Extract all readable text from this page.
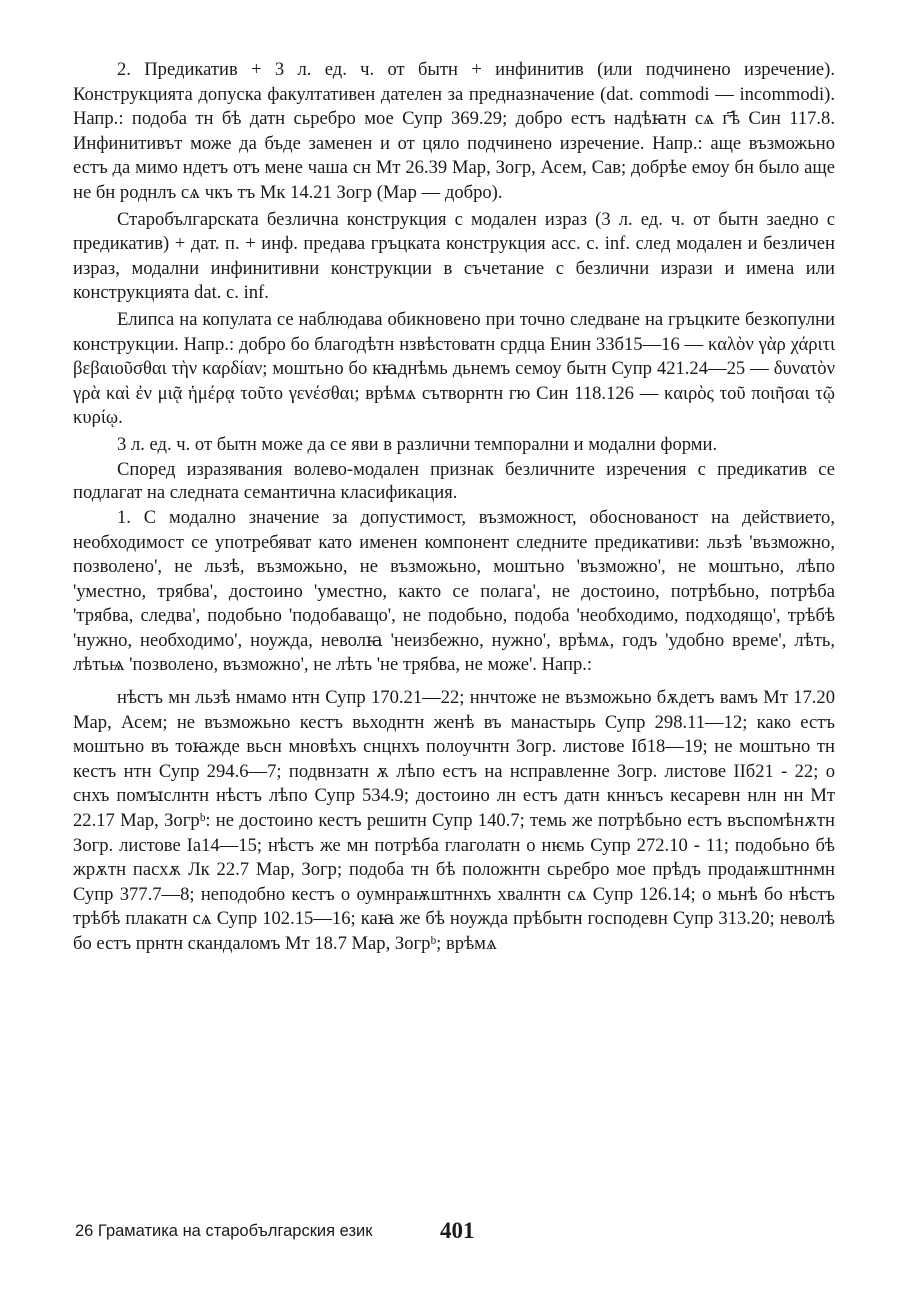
2. Предикатив + 3 л. ед. ч. от бытн + инфинитив (или подчинено изречение). Конструкцията допуска факултативен дателен за предназначение (dat. commodi — incommodi). Напр.: подоба тн бѣ датн сьребро мое Супр 369.29; добро естъ надѣꙗтн сѧ г҃ѣ Син 117.8. Инфинитивът може да бъде заменен и от цяло подчинено изречение. Напр.: аще възможьно естъ да мимо ндетъ отъ мене чаша сн Мт 26.39 Мар, Зогр, Асем, Сав; добрѣе емоу бн было аще не бн роднлъ сѧ чкъ тъ Мк 14.21 Зогр (Мар — добро).

Старобългарската безлична конструкция с модален израз (3 л. ед. ч. от бытн заедно с предикатив) + дат. п. + инф. предава гръцката конструкция acc. c. inf. след модален и безличен израз, модални инфинитивни конструкции в съчетание с безлични изрази и имена или конструкцията dat. c. inf.

Елипса на копулата се наблюдава обикновено при точно следване на гръцките безкопулни конструкции. Напр.: добро бо благодѣтн нзвѣстоватн срдца Енин 33б15—16 — καλὸν γὰρ χάριτι βεβαιοῦσθαι τὴν καρδίαν; моштьно бо кꙗднѣмь дьнемъ семоу бытн Супр 421.24—25 — δυνατὸν γρὰ καὶ ἐν μιᾷ ἡμέρᾳ τοῦτο γενέσθαι; врѣмѧ сътворнтн гю Син 118.126 — καιρὸς τοῦ ποιῆσαι τῷ κυρίῳ.

3 л. ед. ч. от бытн може да се яви в различни темпорални и модални форми.

Според изразявания волево-модален признак безличните изречения с предикатив се подлагат на следната семантична класификация.

1. С модално значение за допустимост, възможност, обоснованост на действието, необходимост се употребяват като именен компонент следните предикативи: льзѣ 'възможно, позволено', не льзѣ, възможьно, не възможьно, моштьно 'възможно', не моштьно, лѣпо 'уместно, трябва', достоино 'уместно, както се полага', не достоино, потрѣбьно, потрѣба 'трябва, следва', подобьно 'подобаващо', не подобьно, подоба 'необходимо, подходящо', трѣбѣ 'нужно, необходимо', ноужда, неволꙗ 'неизбежно, нужно', врѣмѧ, годъ 'удобно време', лѣть, лѣтьѩ 'позволено, възможно', не лѣть 'не трябва, не може'. Напр.:

нѣстъ мн льзѣ нмамо нтн Супр 170.21—22; ннчтоже не възможьно бѫдетъ вамъ Мт 17.20 Мар, Асем; не възможьно кестъ вьходнтн женѣ въ манастырь Супр 298.11—12; како естъ моштьно въ тоꙗжде вьсн мновѣхъ снцнхъ полоучнтн Зогр. листове Iб18—19; не моштьно тн кестъ нтн Супр 294.6—7; подвнзатн ѫ лѣпо естъ на нсправленне Зогр. листове IIб21 - 22; о снхъ помꙑслнтн нѣстъ лѣпо Супр 534.9; достоино лн естъ датн кннъсъ кесаревн нлн нн Мт 22.17 Мар, Зогрᵇ: не достоино кестъ решитн Супр 140.7; темь же потрѣбьно естъ въспомѣнѫтн Зогр. листове Iа14—15; нѣстъ же мн потрѣба глаголатн о нѥмь Супр 272.10 - 11; подобьно бѣ жрѫтн пасхѫ Лк 22.7 Мар, Зогр; подоба тн бѣ положнтн сьребро мое прѣдъ продаѭштннмн Супр 377.7—8; неподобно кестъ о оумнраѭштннхъ хвалнтн сѧ Супр 126.14; о мьнѣ бо нѣстъ трѣбѣ плакатн сѧ Супр 102.15—16; каꙗ же бѣ ноужда прѣбытн господевн Супр 313.20; неволѣ бо естъ прнтн скандаломъ Мт 18.7 Мар, Зогрᵇ; врѣмѧ

26 Граматика на старобългарския език	401
